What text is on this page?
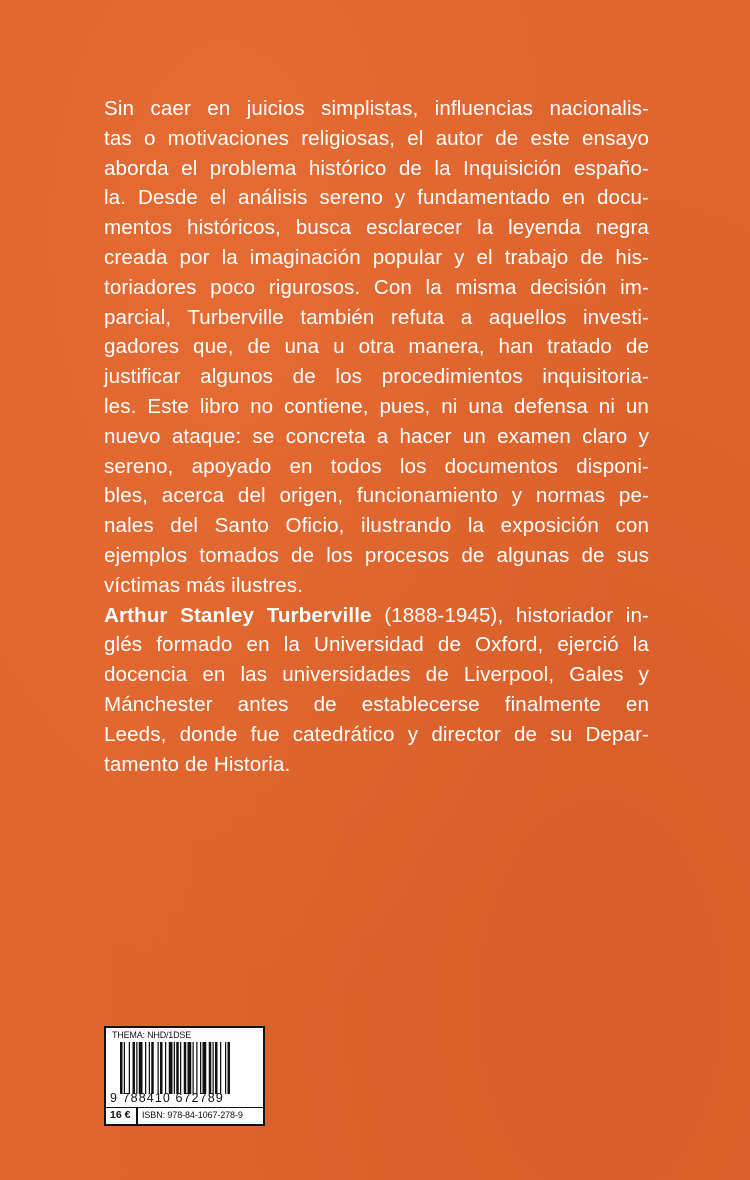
Sin caer en juicios simplistas, influencias nacionalis-
tas o motivaciones religiosas, el autor de este ensayo
aborda el problema histórico de la Inquisición españo-
la. Desde el análisis sereno y fundamentado en docu-
mentos históricos, busca esclarecer la leyenda negra
creada por la imaginación popular y el trabajo de his-
toriadores poco rigurosos. Con la misma decisión im-
parcial, Turberville también refuta a aquellos investi-
gadores que, de una u otra manera, han tratado de
justificar algunos de los procedimientos inquisitoria-
les. Este libro no contiene, pues, ni una defensa ni un
nuevo ataque: se concreta a hacer un examen claro y
sereno, apoyado en todos los documentos disponi-
bles, acerca del origen, funcionamiento y normas pe-
nales del Santo Oficio, ilustrando la exposición con
ejemplos tomados de los procesos de algunas de sus
víctimas más ilustres.

Arthur Stanley Turberville (1888-1945), historiador in-
glés formado en la Universidad de Oxford, ejerció la
docencia en las universidades de Liverpool, Gales y
Mánchester antes de establecerse finalmente en
Leeds, donde fue catedrático y director de su Depar-
tamento de Historia.

THEMA: NHD/1DSE
9 788410 672789
16 € ISBN: 978-84-1067-278-9
